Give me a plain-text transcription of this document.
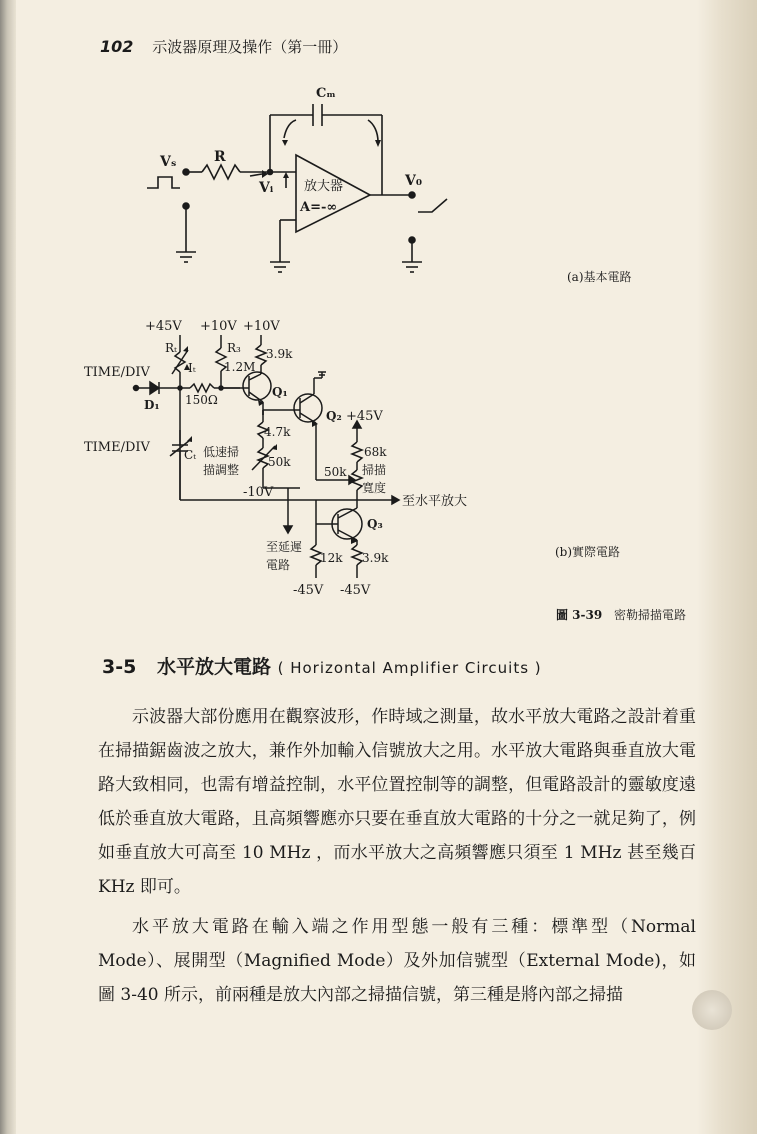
102 示波器原理及操作（第一冊）
Cₘ
Vₛ	R
Vᵢ 放大器
A=-∞
V₀
+45V +10V +10V
Rₜ
Iₜ
R₃
1.2M
3.9k
TIME/DIV
D₁ 150Ω
Q₁
Q₂ +45V
4.7k
TIME/DIV	Cₜ 低速掃
描調整
50k
68k
50k 掃描
寬度
-10V
至水平放大
Q₃
至延遲
電路 12k 3.9k
-45V -45V
(a)基本電路
(b)實際電路
圖 3-39 密勒掃描電路
3-5 水平放大電路 ( Horizontal Amplifier Circuits )

示波器大部份應用在觀察波形，作時域之測量，故水平放大電路之設計着重在掃描鋸齒波之放大，兼作外加輸入信號放大之用。水平放大電路與垂直放大電路大致相同，也需有增益控制，水平位置控制等的調整，但電路設計的靈敏度遠低於垂直放大電路，且高頻響應亦只要在垂直放大電路的十分之一就足夠了，例如垂直放大可高至 10 MHz ，而水平放大之高頻響應只須至 1 MHz 甚至幾百 KHz 即可。

水平放大電路在輸入端之作用型態一般有三種：標準型（Normal Mode）、展開型（Magnified Mode）及外加信號型（External Mode)，如圖 3-40 所示，前兩種是放大內部之掃描信號，第三種是將內部之掃描
